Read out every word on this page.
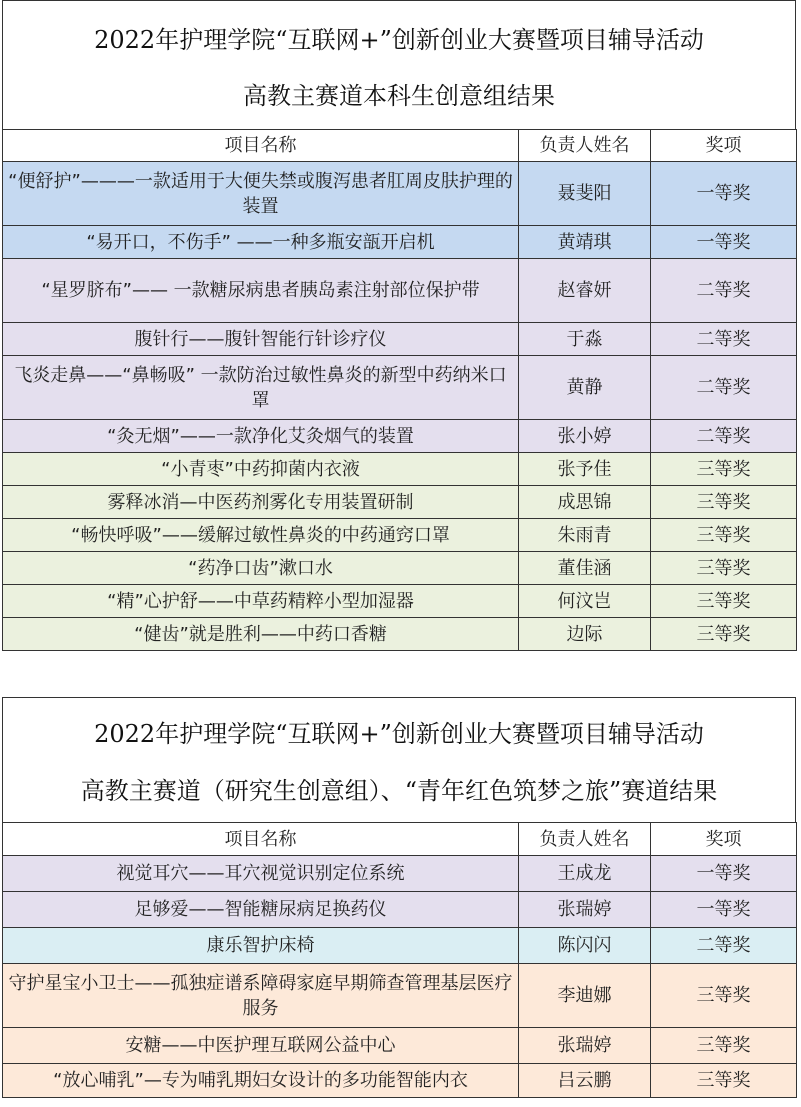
2022年护理学院“互联网+”创新创业大赛暨项目辅导活动
高教主赛道本科生创意组结果
项目名称	负责人姓名	奖项
“便舒护”———一款适用于大便失禁或腹泻患者肛周皮肤护理的装置	聂斐阳	一等奖
“易开口，不伤手” ——一种多瓶安瓿开启机	黄靖琪	一等奖
“星罗脐布”—— 一款糖尿病患者胰岛素注射部位保护带	赵睿妍	二等奖
腹针行——腹针智能行针诊疗仪	于淼	二等奖
飞炎走鼻——“鼻畅吸” 一款防治过敏性鼻炎的新型中药纳米口罩	黄静	二等奖
“灸无烟”——一款净化艾灸烟气的装置	张小婷	二等奖
“小青枣”中药抑菌内衣液	张予佳	三等奖
雾释冰消—中医药剂雾化专用装置研制	成思锦	三等奖
“畅快呼吸”——缓解过敏性鼻炎的中药通窍口罩	朱雨青	三等奖
“药净口齿”漱口水	董佳涵	三等奖
“精”心护舒——中草药精粹小型加湿器	何汶岂	三等奖
“健齿”就是胜利——中药口香糖	边际	三等奖
2022年护理学院“互联网+”创新创业大赛暨项目辅导活动
高教主赛道（研究生创意组）、“青年红色筑梦之旅”赛道结果
项目名称	负责人姓名	奖项
视觉耳穴——耳穴视觉识别定位系统	王成龙	一等奖
足够爱——智能糖尿病足换药仪	张瑞婷	一等奖
康乐智护床椅	陈闪闪	二等奖
守护星宝小卫士——孤独症谱系障碍家庭早期筛查管理基层医疗服务	李迪娜	三等奖
安糖——中医护理互联网公益中心	张瑞婷	三等奖
“放心哺乳”—专为哺乳期妇女设计的多功能智能内衣	吕云鹏	三等奖
